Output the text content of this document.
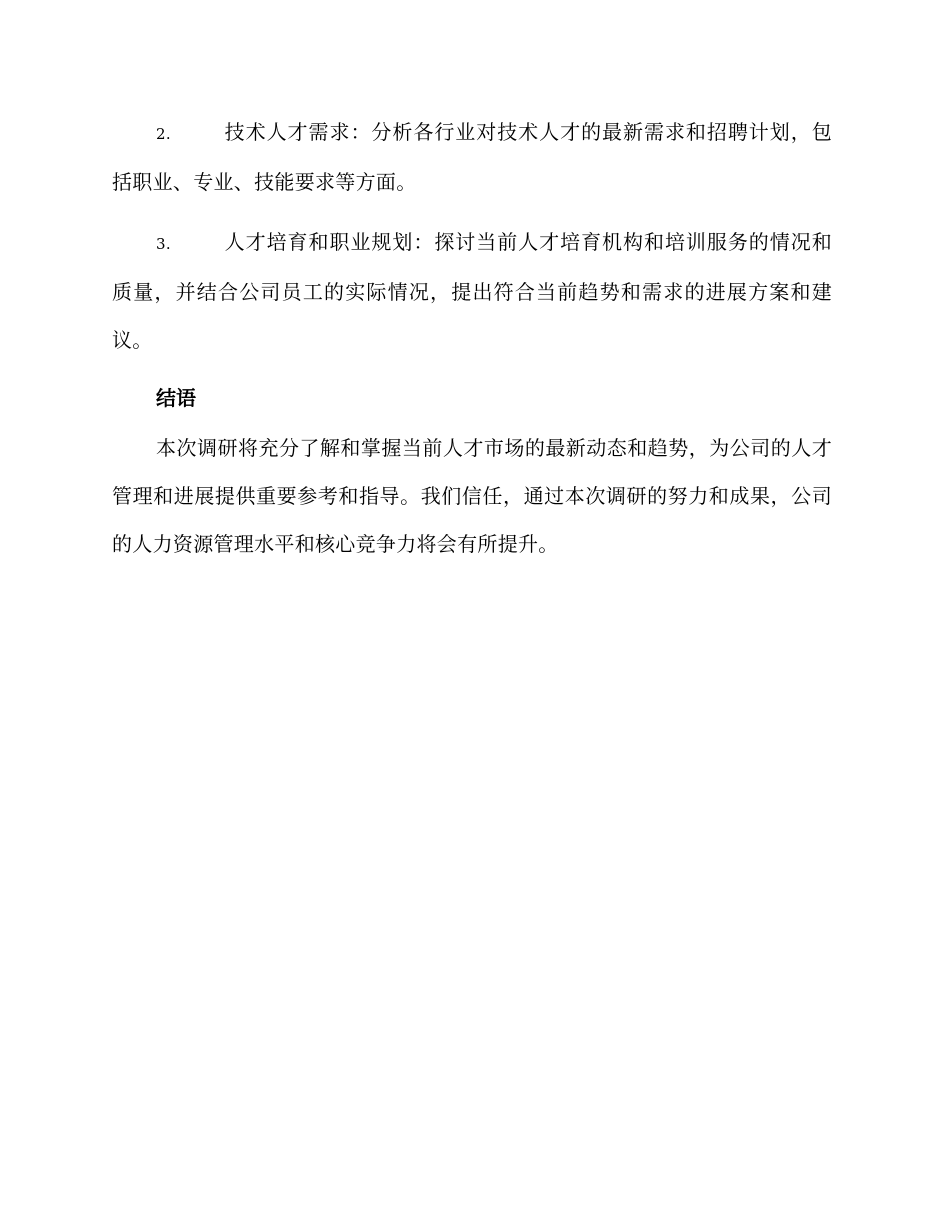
2.	技术人才需求：分析各行业对技术人才的最新需求和招聘计划，包括职业、专业、技能要求等方面。

3.	人才培育和职业规划：探讨当前人才培育机构和培训服务的情况和质量，并结合公司员工的实际情况，提出符合当前趋势和需求的进展方案和建议。

结语

本次调研将充分了解和掌握当前人才市场的最新动态和趋势，为公司的人才管理和进展提供重要参考和指导。我们信任，通过本次调研的努力和成果，公司的人力资源管理水平和核心竞争力将会有所提升。
